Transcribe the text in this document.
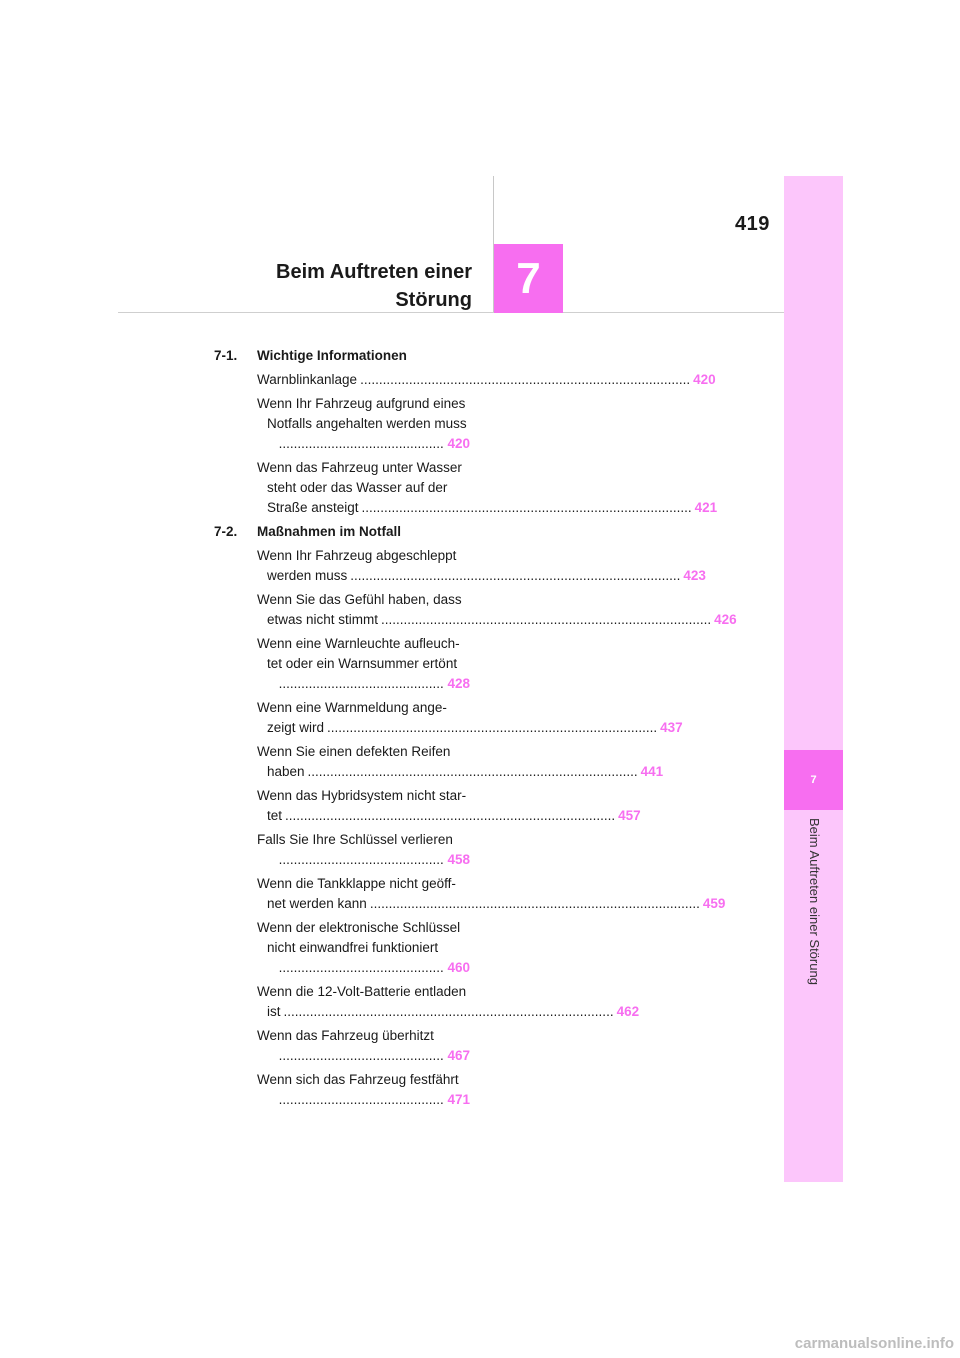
419
Beim Auftreten einer
Störung	7
7
Beim Auftreten einer Störung
7-1.	Wichtige Informationen
Warnblinkanlage ........................................................................................ 420
Wenn Ihr Fahrzeug aufgrund eines
Notfalls angehalten werden muss
............................................ 420
Wenn das Fahrzeug unter Wasser
steht oder das Wasser auf der
Straße ansteigt ........................................................................................ 421
7-2.	Maßnahmen im Notfall
Wenn Ihr Fahrzeug abgeschleppt
werden muss ........................................................................................ 423
Wenn Sie das Gefühl haben, dass
etwas nicht stimmt ........................................................................................ 426
Wenn eine Warnleuchte aufleuch-
tet oder ein Warnsummer ertönt
............................................ 428
Wenn eine Warnmeldung ange-
zeigt wird ........................................................................................ 437
Wenn Sie einen defekten Reifen
haben ........................................................................................ 441
Wenn das Hybridsystem nicht star-
tet ........................................................................................ 457
Falls Sie Ihre Schlüssel verlieren
............................................ 458
Wenn die Tankklappe nicht geöff-
net werden kann ........................................................................................ 459
Wenn der elektronische Schlüssel
nicht einwandfrei funktioniert
............................................ 460
Wenn die 12-Volt-Batterie entladen
ist ........................................................................................ 462
Wenn das Fahrzeug überhitzt
............................................ 467
Wenn sich das Fahrzeug festfährt
............................................ 471
carmanualsonline.info
